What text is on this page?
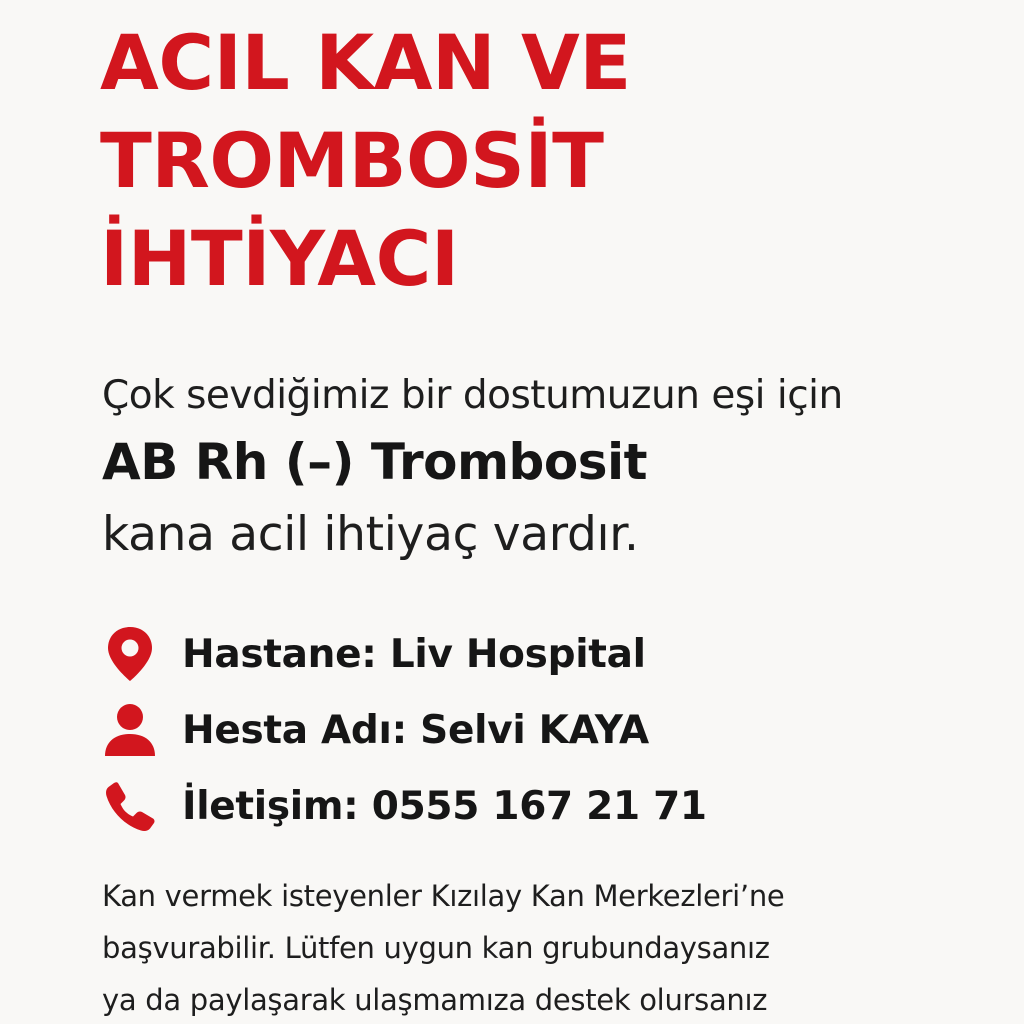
ACIL KAN VE
TROMBOSİT
İHTİYACI
Çok sevdiğimiz bir dostumuzun eşi için
AB Rh (–) Trombosit
kana acil ihtiyaç vardır.
Hastane: Liv Hospital
Hesta Adı: Selvi KAYA
İletişim: 0555 167 21 71

Kan vermek isteyenler Kızılay Kan Merkezleri’ne
başvurabilir. Lütfen uygun kan grubundaysanız
ya da paylaşarak ulaşmamıza destek olursanız
